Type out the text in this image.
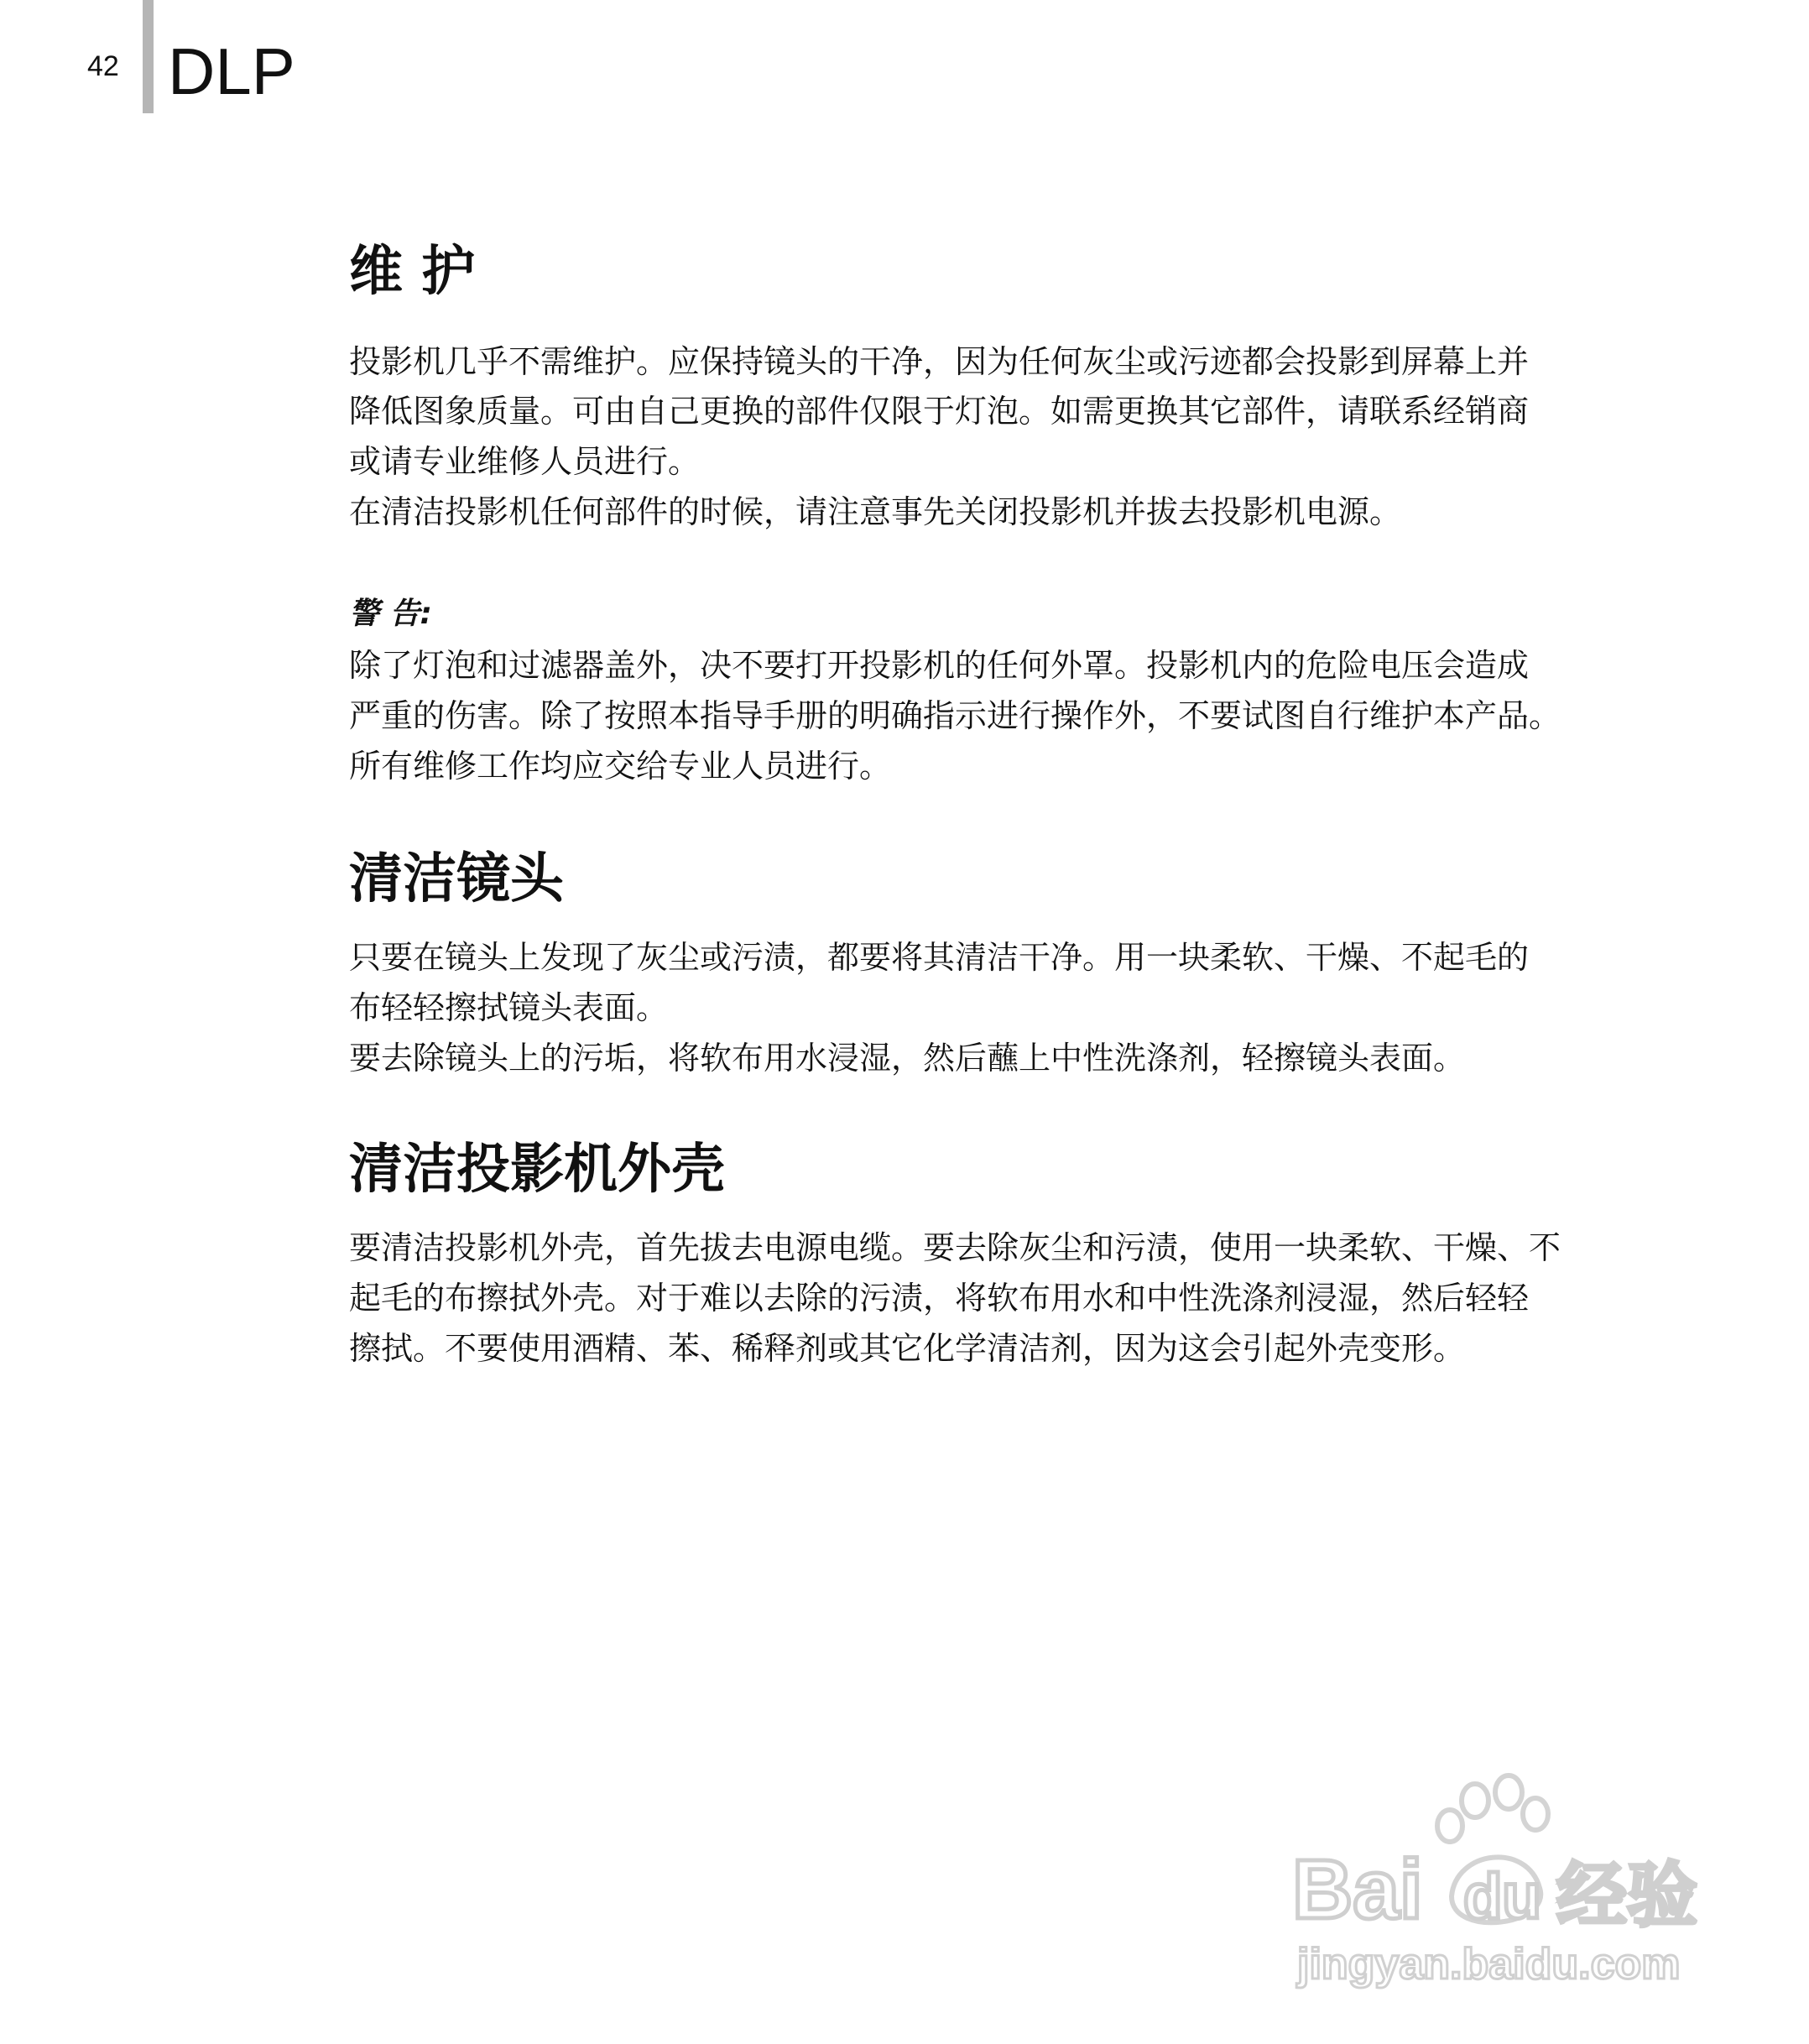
42 DLP
维 护
投影机几乎不需维护。应保持镜头的干净，因为任何灰尘或污迹都会投影到屏幕上并
降低图象质量。可由自己更换的部件仅限于灯泡。如需更换其它部件，请联系经销商
或请专业维修人员进行。
在清洁投影机任何部件的时候，请注意事先关闭投影机并拔去投影机电源。
警 告:
除了灯泡和过滤器盖外，决不要打开投影机的任何外罩。投影机内的危险电压会造成
严重的伤害。除了按照本指导手册的明确指示进行操作外，不要试图自行维护本产品。
所有维修工作均应交给专业人员进行。
清洁镜头
只要在镜头上发现了灰尘或污渍，都要将其清洁干净。用一块柔软、干燥、不起毛的
布轻轻擦拭镜头表面。
要去除镜头上的污垢，将软布用水浸湿，然后蘸上中性洗涤剂，轻擦镜头表面。
清洁投影机外壳
要清洁投影机外壳，首先拔去电源电缆。要去除灰尘和污渍，使用一块柔软、干燥、不
起毛的布擦拭外壳。对于难以去除的污渍，将软布用水和中性洗涤剂浸湿，然后轻轻
擦拭。不要使用酒精、苯、稀释剂或其它化学清洁剂，因为这会引起外壳变形。
Bai du 经验
jingyan.baidu.com
